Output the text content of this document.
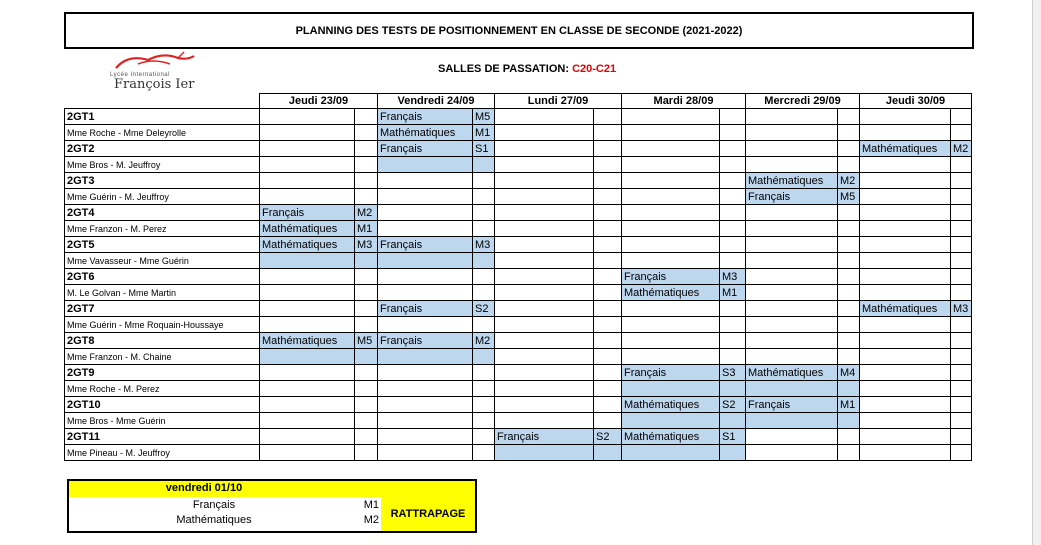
PLANNING DES TESTS DE POSITIONNEMENT EN CLASSE DE SECONDE (2021-2022)
Lycée International
François Ier
SALLES DE PASSATION: C20-C21
	Jeudi 23/09		Vendredi 24/09		Lundi 27/09		Mardi 28/09		Mercredi 29/09		Jeudi 30/09	
2GT1			Français	M5								
Mme Roche - Mme Deleyrolle			Mathématiques	M1								
2GT2			Français	S1							Mathématiques	M2
Mme Bros - M. Jeuffroy												
2GT3									Mathématiques	M2		
Mme Guérin - M. Jeuffroy									Français	M5		
2GT4	Français	M2										
Mme Franzon - M. Perez	Mathématiques	M1										
2GT5	Mathématiques	M3	Français	M3								
Mme Vavasseur - Mme Guérin												
2GT6							Français	M3				
M. Le Golvan - Mme Martin							Mathématiques	M1				
2GT7			Français	S2							Mathématiques	M3
Mme Guérin - Mme Roquain-Houssaye												
2GT8	Mathématiques	M5	Français	M2								
Mme Franzon - M. Chaine												
2GT9							Français	S3	Mathématiques	M4		
Mme Roche - M. Perez												
2GT10							Mathématiques	S2	Français	M1		
Mme Bros - Mme Guérin												
2GT11					Français	S2	Mathématiques	S1				
Mme Pineau - M. Jeuffroy												
vendredi 01/10
Français	M1
Mathématiques	M2	RATTRAPAGE
